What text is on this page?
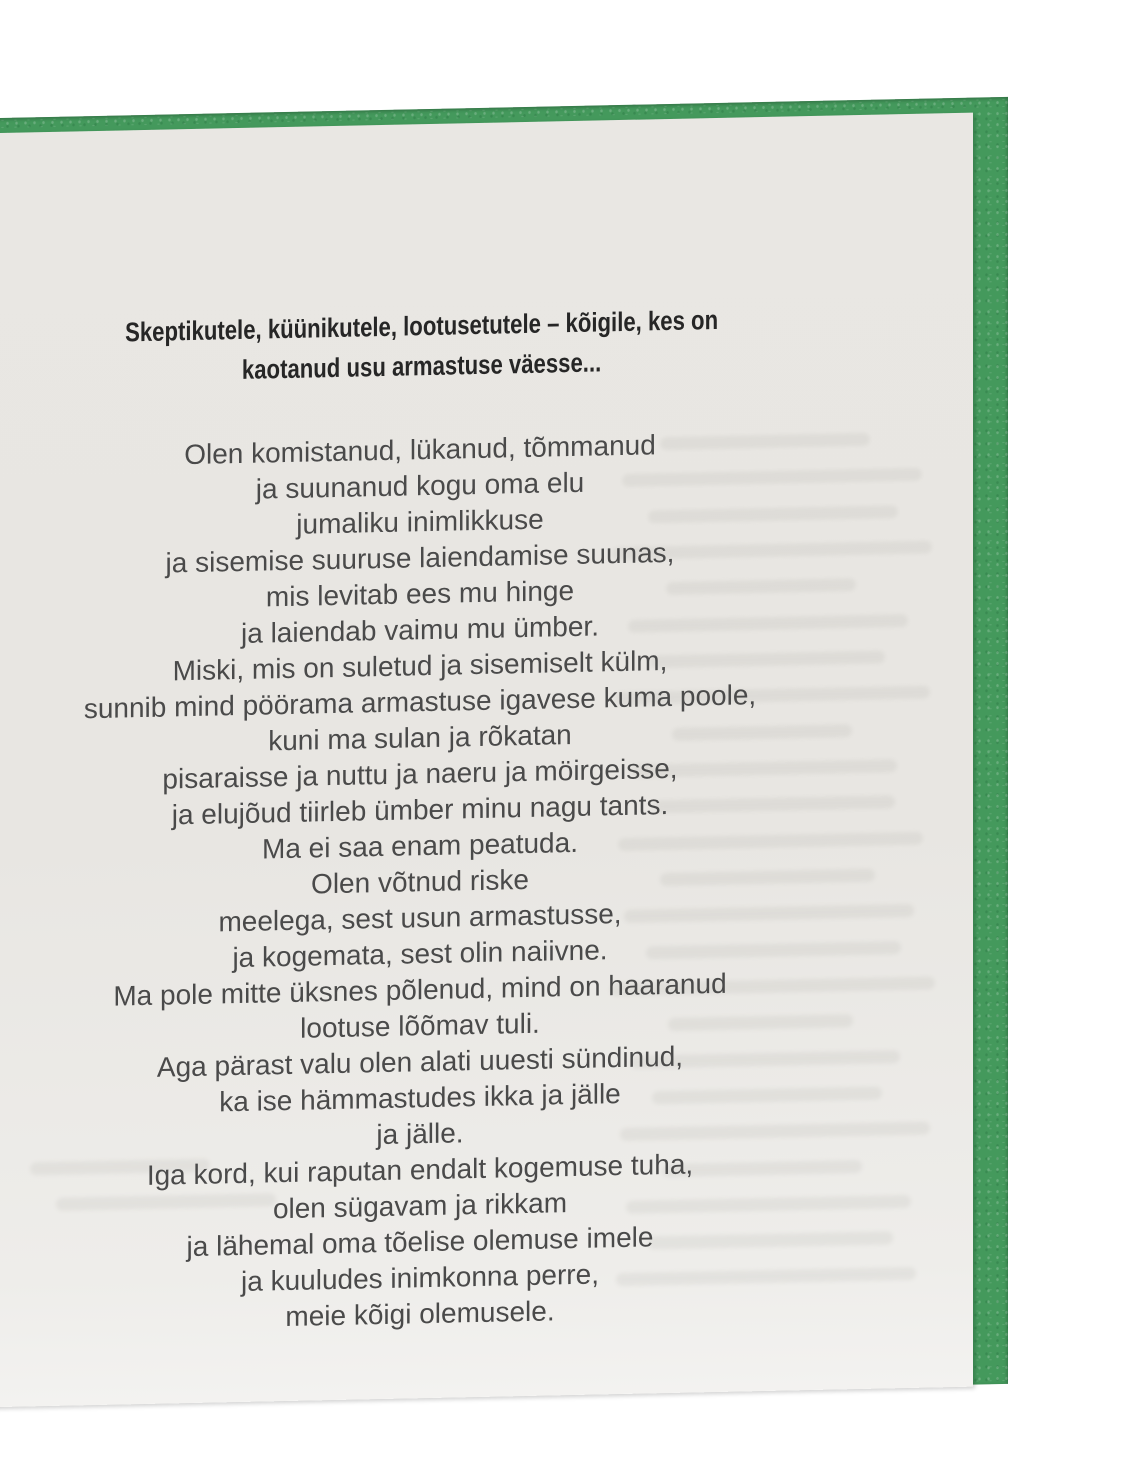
Skeptikutele, küünikutele, lootusetutele – kõigile, kes on
kaotanud usu armastuse väesse...
Olen komistanud, lükanud, tõmmanud
ja suunanud kogu oma elu
jumaliku inimlikkuse
ja sisemise suuruse laiendamise suunas,
mis levitab ees mu hinge
ja laiendab vaimu mu ümber.
Miski, mis on suletud ja sisemiselt külm,
sunnib mind pöörama armastuse igavese kuma poole,
kuni ma sulan ja rõkatan
pisaraisse ja nuttu ja naeru ja möirgeisse,
ja elujõud tiirleb ümber minu nagu tants.
Ma ei saa enam peatuda.
Olen võtnud riske
meelega, sest usun armastusse,
ja kogemata, sest olin naiivne.
Ma pole mitte üksnes põlenud, mind on haaranud
lootuse lõõmav tuli.
Aga pärast valu olen alati uuesti sündinud,
ka ise hämmastudes ikka ja jälle
ja jälle.
Iga kord, kui raputan endalt kogemuse tuha,
olen sügavam ja rikkam
ja lähemal oma tõelise olemuse imele
ja kuuludes inimkonna perre,
meie kõigi olemusele.
